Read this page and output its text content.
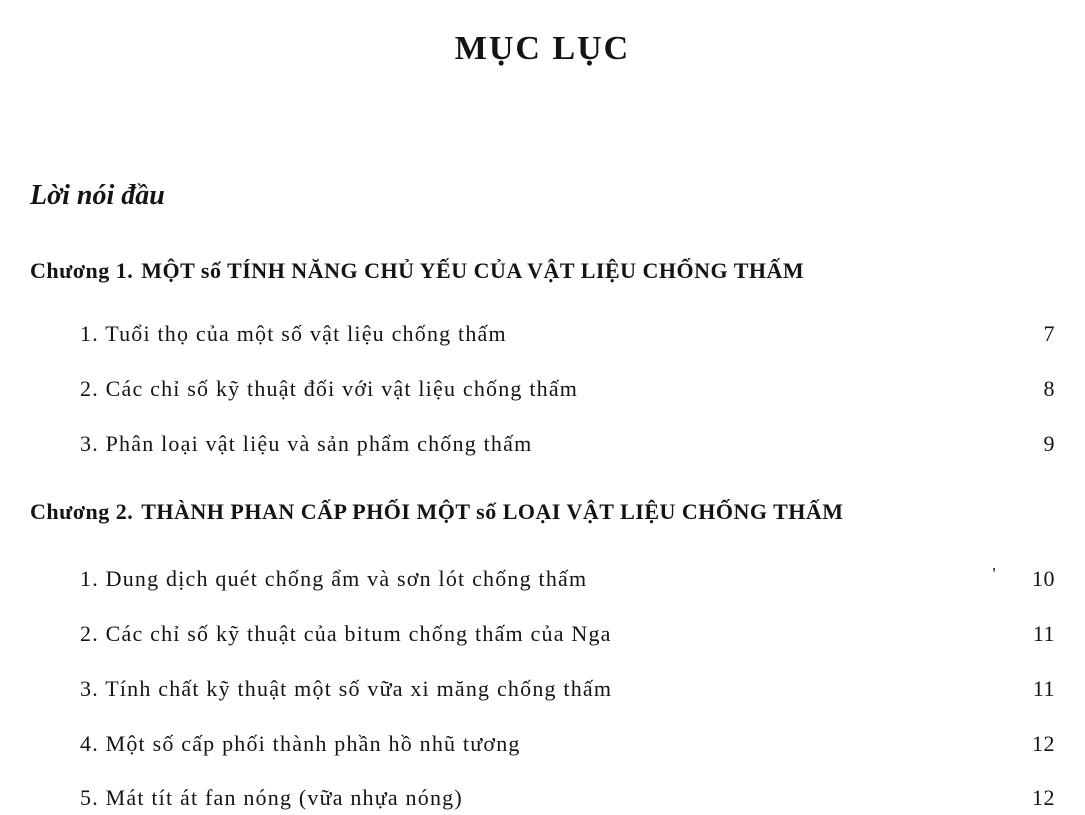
MỤC LỤC
Lời nói đầu
Chương 1. MỘT số TÍNH NĂNG CHỦ YẾU CỦA VẬT LIỆU CHỐNG THẤM
1. Tuổi thọ của một số vật liệu chống thấm	7
2. Các chỉ số kỹ thuật đối với vật liệu chống thấm	8
3. Phân loại vật liệu và sản phẩm chống thấm	9
Chương 2. THÀNH PHAN CẤP PHỐI MỘT số LOẠI VẬT LIỆU CHỐNG THẤM
1. Dung dịch quét chống ẩm và sơn lót chống thấm	' 10
2. Các chỉ số kỹ thuật của bitum chống thấm của Nga	11
3. Tính chất kỹ thuật một số vữa xi măng chống thấm	11
4. Một số cấp phối thành phần hồ nhũ tương	12
5. Mát tít át fan nóng (vữa nhựa nóng)	12
